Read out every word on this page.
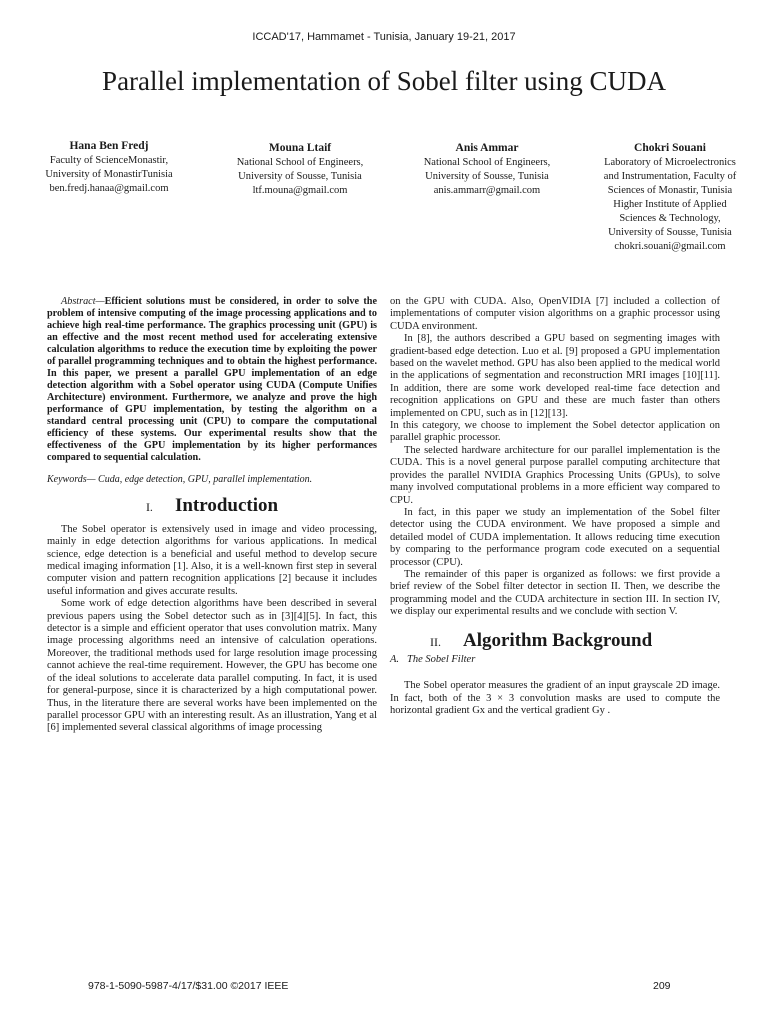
ICCAD'17, Hammamet - Tunisia, January 19-21, 2017
Parallel implementation of Sobel filter using CUDA
Hana Ben Fredj
Faculty of ScienceMonastir,
University of MonastirTunisia
ben.fredj.hanaa@gmail.com
Mouna Ltaif
National School of Engineers,
University of Sousse, Tunisia
ltf.mouna@gmail.com
Anis Ammar
National School of Engineers,
University of Sousse, Tunisia
anis.ammarr@gmail.com
Chokri Souani
Laboratory of Microelectronics
and Instrumentation, Faculty of
Sciences of Monastir, Tunisia
Higher Institute of Applied
Sciences & Technology,
University of Sousse, Tunisia
chokri.souani@gmail.com

Abstract—Efficient solutions must be considered, in order to solve the problem of intensive computing of the image processing applications and to achieve high real-time performance. The graphics processing unit (GPU) is an effective and the most recent method used for accelerating extensive calculation algorithms to reduce the execution time by exploiting the power of parallel programming techniques and to obtain the highest performance. In this paper, we present a parallel GPU implementation of an edge detection algorithm with a Sobel operator using CUDA (Compute Unifies Architecture) environment. Furthermore, we analyze and prove the high performance of GPU implementation, by testing the algorithm on a standard central processing unit (CPU) to compare the computational efficiency of these systems. Our experimental results show that the effectiveness of the GPU implementation by its higher performances compared to sequential calculation.

Keywords— Cuda, edge detection, GPU, parallel implementation.

I. Introduction

The Sobel operator is extensively used in image and video processing, mainly in edge detection algorithms for various applications. In medical science, edge detection is a beneficial and useful method to develop secure medical imaging information [1]. Also, it is a well-known first step in several computer vision and pattern recognition applications [2] because it includes useful information and gives accurate results.

Some work of edge detection algorithms have been described in several previous papers using the Sobel detector such as in [3][4][5]. In fact, this detector is a simple and efficient operator that uses convolution matrix. Many image processing algorithms need an intensive of calculation operations. Moreover, the traditional methods used for large resolution image processing cannot achieve the real-time requirement. However, the GPU has become one of the ideal solutions to accelerate data parallel computing. In fact, it is used for general-purpose, since it is characterized by a high computational power. Thus, in the literature there are several works have been implemented on the parallel processor GPU with an interesting result. As an illustration, Yang et al [6] implemented several classical algorithms of image processing

on the GPU with CUDA. Also, OpenVIDIA [7] included a collection of implementations of computer vision algorithms on a graphic processor using CUDA environment.

In [8], the authors described a GPU based on segmenting images with gradient-based edge detection. Luo et al. [9] proposed a GPU implementation based on the wavelet method. GPU has also been applied to the medical world in the applications of segmentation and reconstruction MRI images [10][11]. In addition, there are some work developed real-time face detection and recognition applications on GPU and these are much faster than others implemented on CPU, such as in [12][13].

In this category, we choose to implement the Sobel detector application on parallel graphic processor.

The selected hardware architecture for our parallel implementation is the CUDA. This is a novel general purpose parallel computing architecture that provides the parallel NVIDIA Graphics Processing Units (GPUs), to solve many involved computational problems in a more efficient way compared to CPU.

In fact, in this paper we study an implementation of the Sobel filter detector using the CUDA environment. We have proposed a simple and detailed model of CUDA implementation. It allows reducing time execution by comparing to the performance program code executed on a sequential processor (CPU).

The remainder of this paper is organized as follows: we first provide a brief review of the Sobel filter detector in section II. Then, we describe the programming model and the CUDA architecture in section III. In section IV, we display our experimental results and we conclude with section V.

II. Algorithm Background

A. The Sobel Filter

The Sobel operator measures the gradient of an input grayscale 2D image. In fact, both of the 3 × 3 convolution masks are used to compute the horizontal gradient Gx and the vertical gradient Gy .

978-1-5090-5987-4/17/$31.00 ©2017 IEEE	209
